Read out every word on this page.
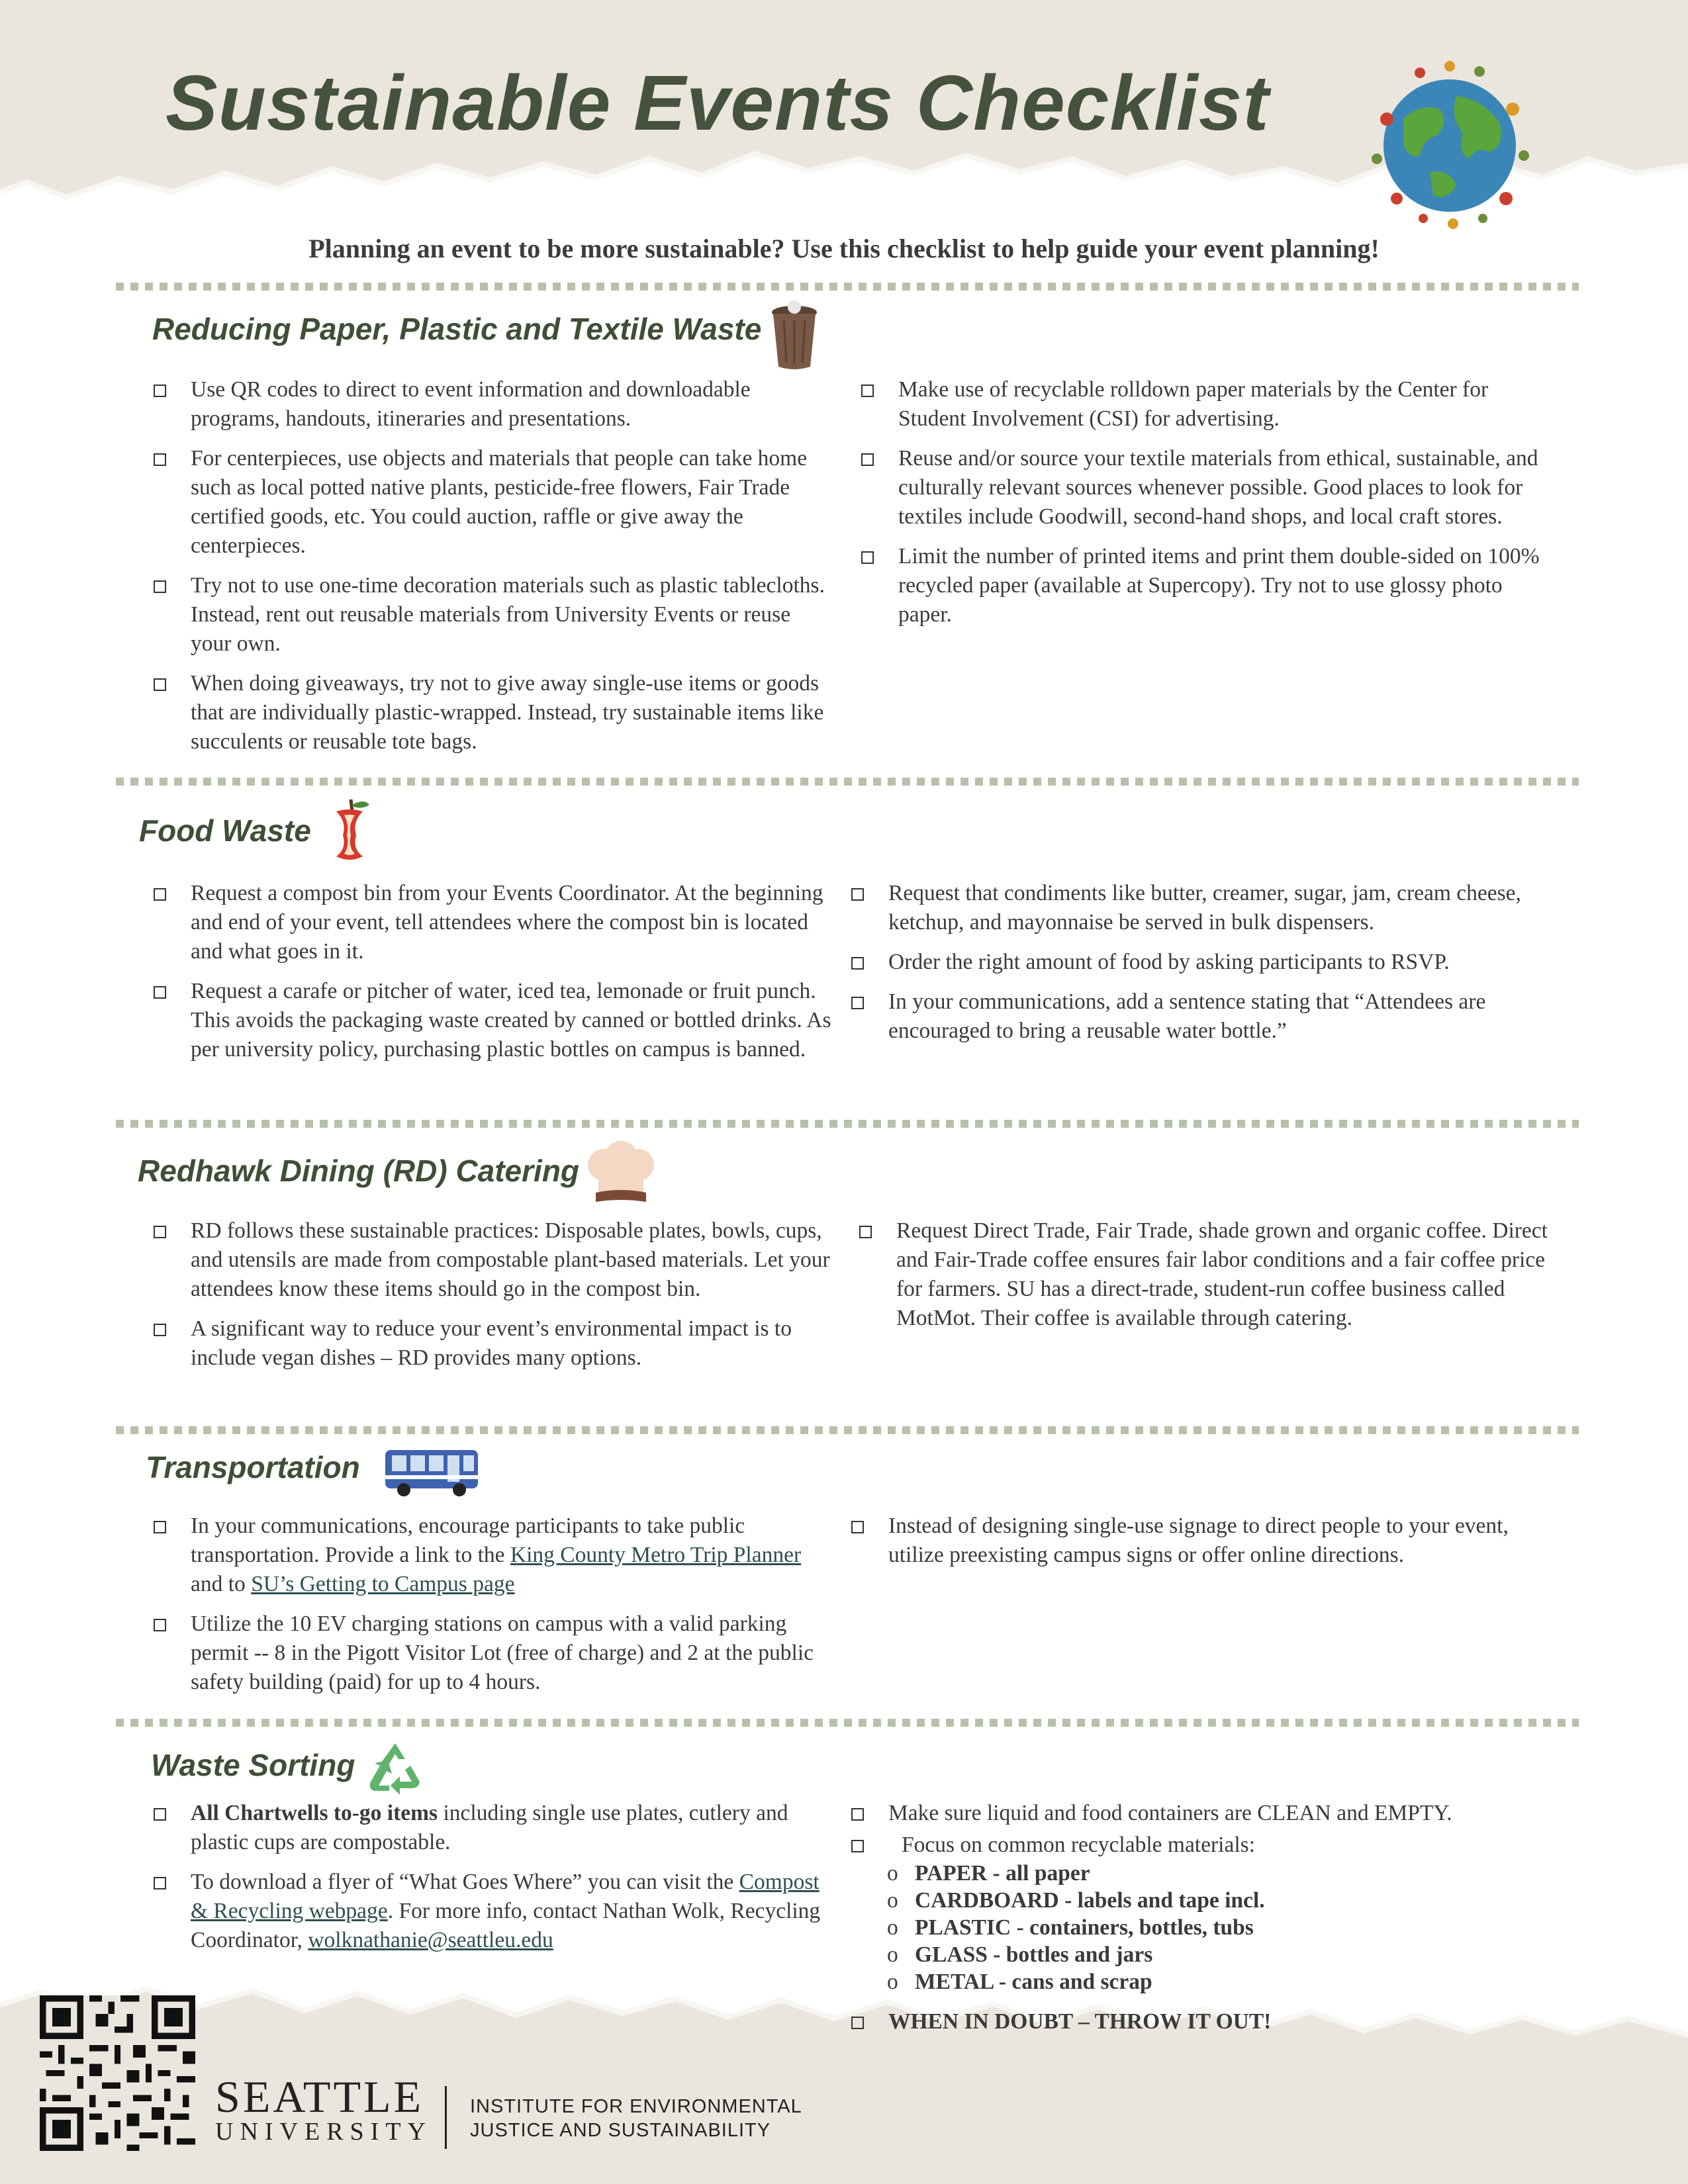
Sustainable Events Checklist
Planning an event to be more sustainable? Use this checklist to help guide your event planning!
Reducing Paper, Plastic and Textile Waste
Use QR codes to direct to event information and downloadable programs, handouts, itineraries and presentations.
For centerpieces, use objects and materials that people can take home such as local potted native plants, pesticide-free flowers, Fair Trade certified goods, etc. You could auction, raffle or give away the centerpieces.
Try not to use one-time decoration materials such as plastic tablecloths. Instead, rent out reusable materials from University Events or reuse your own.
When doing giveaways, try not to give away single-use items or goods that are individually plastic-wrapped. Instead, try sustainable items like succulents or reusable tote bags.
Make use of recyclable rolldown paper materials by the Center for Student Involvement (CSI) for advertising.
Reuse and/or source your textile materials from ethical, sustainable, and culturally relevant sources whenever possible. Good places to look for textiles include Goodwill, second-hand shops, and local craft stores.
Limit the number of printed items and print them double-sided on 100% recycled paper (available at Supercopy). Try not to use glossy photo paper.
Food Waste
Request a compost bin from your Events Coordinator. At the beginning and end of your event, tell attendees where the compost bin is located and what goes in it.
Request a carafe or pitcher of water, iced tea, lemonade or fruit punch. This avoids the packaging waste created by canned or bottled drinks. As per university policy, purchasing plastic bottles on campus is banned.
Request that condiments like butter, creamer, sugar, jam, cream cheese, ketchup, and mayonnaise be served in bulk dispensers.
Order the right amount of food by asking participants to RSVP.
In your communications, add a sentence stating that “Attendees are encouraged to bring a reusable water bottle.”
Redhawk Dining (RD) Catering
RD follows these sustainable practices: Disposable plates, bowls, cups, and utensils are made from compostable plant-based materials. Let your attendees know these items should go in the compost bin.
A significant way to reduce your event’s environmental impact is to include vegan dishes – RD provides many options.
Request Direct Trade, Fair Trade, shade grown and organic coffee. Direct and Fair-Trade coffee ensures fair labor conditions and a fair coffee price for farmers. SU has a direct-trade, student-run coffee business called MotMot. Their coffee is available through catering.
Transportation
In your communications, encourage participants to take public transportation. Provide a link to the King County Metro Trip Planner and to SU’s Getting to Campus page
Utilize the 10 EV charging stations on campus with a valid parking permit -- 8 in the Pigott Visitor Lot (free of charge) and 2 at the public safety building (paid) for up to 4 hours.
Instead of designing single-use signage to direct people to your event, utilize preexisting campus signs or offer online directions.
Waste Sorting
All Chartwells to-go items including single use plates, cutlery and plastic cups are compostable.
To download a flyer of “What Goes Where” you can visit the Compost & Recycling webpage. For more info, contact Nathan Wolk, Recycling Coordinator, wolknathanie@seattleu.edu
Make sure liquid and food containers are CLEAN and EMPTY.
Focus on common recyclable materials:
o PAPER - all paper
o CARDBOARD - labels and tape incl.
o PLASTIC - containers, bottles, tubs
o GLASS - bottles and jars
o METAL - cans and scrap
WHEN IN DOUBT – THROW IT OUT!
SEATTLE
UNIVERSITY
INSTITUTE FOR ENVIRONMENTAL
JUSTICE AND SUSTAINABILITY
